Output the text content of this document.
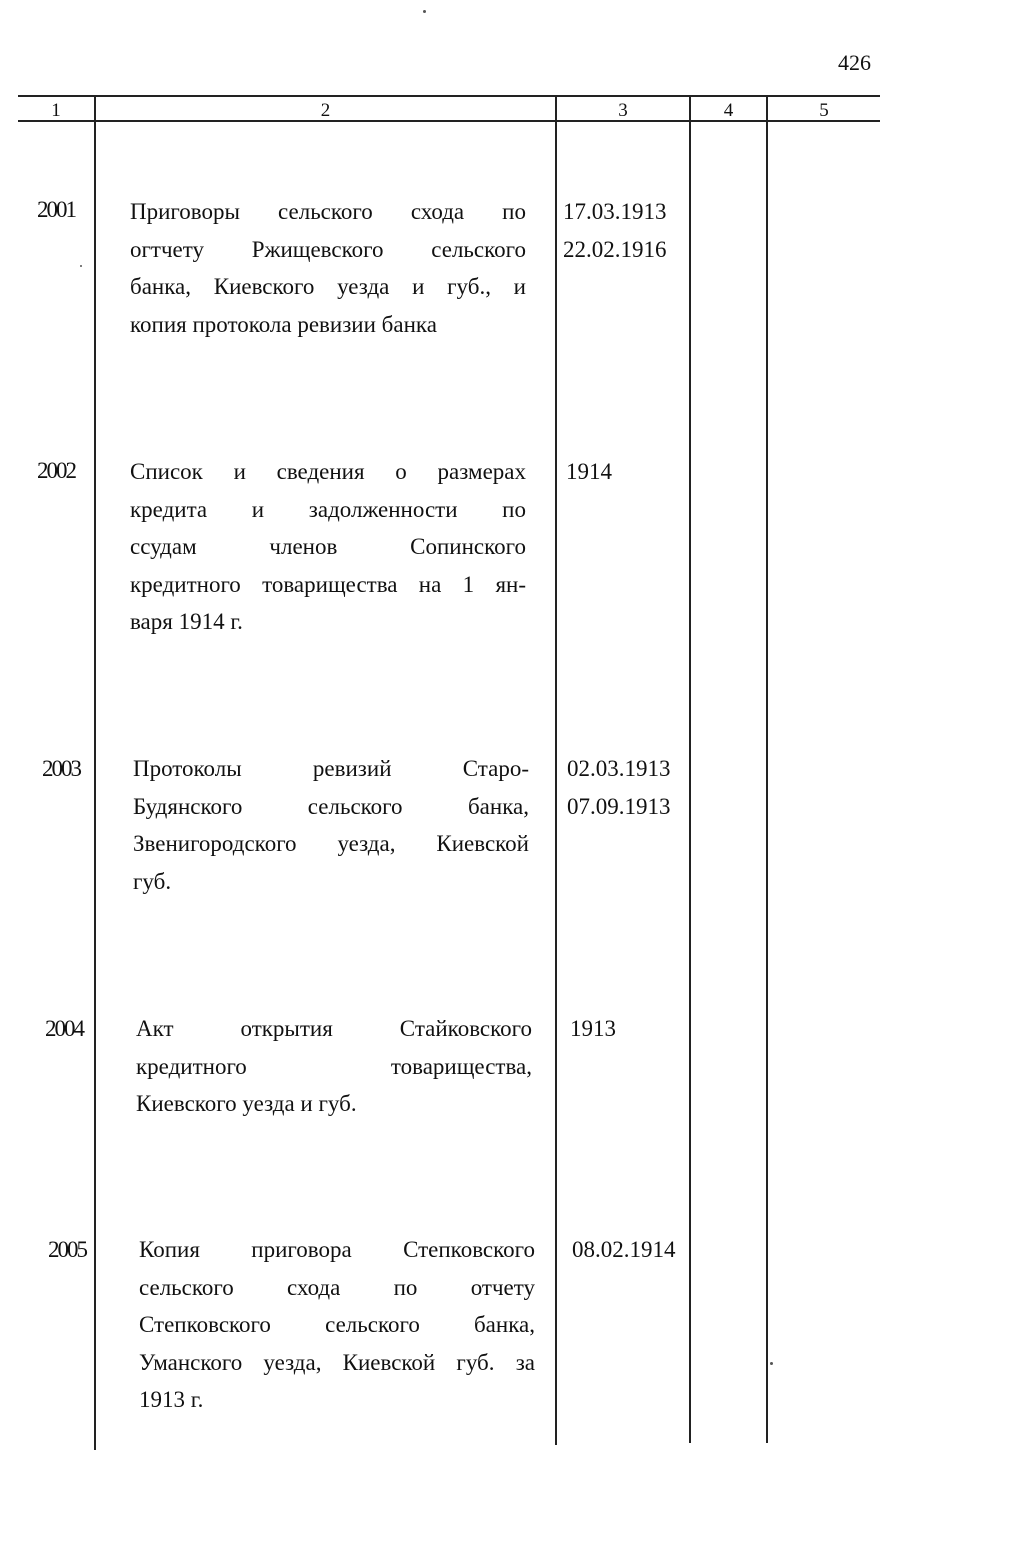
426
1	2	3	4	5
2001	Приговоры сельского схода по
огтчету Ржищевского сельского
банка, Киевского уезда и губ., и
копия протокола ревизии банка
17.03.1913
22.02.1916
2002	Список и сведения о размерах
кредита и задолженности по
ссудам членов Сопинского
кредитного товарищества на 1 ян-
варя 1914 г.
1914
2003	Протоколы ревизий Старо-
Будянского сельского банка,
Звенигородского уезда, Киевской
губ.
02.03.1913
07.09.1913
2004	Акт открытия Стайковского
кредитного товарищества,
Киевского уезда и губ.
1913
2005	Копия приговора Степковского
сельского схода по отчету
Степковского сельского банка,
Уманского уезда, Киевской губ. за
1913 г.
08.02.1914
